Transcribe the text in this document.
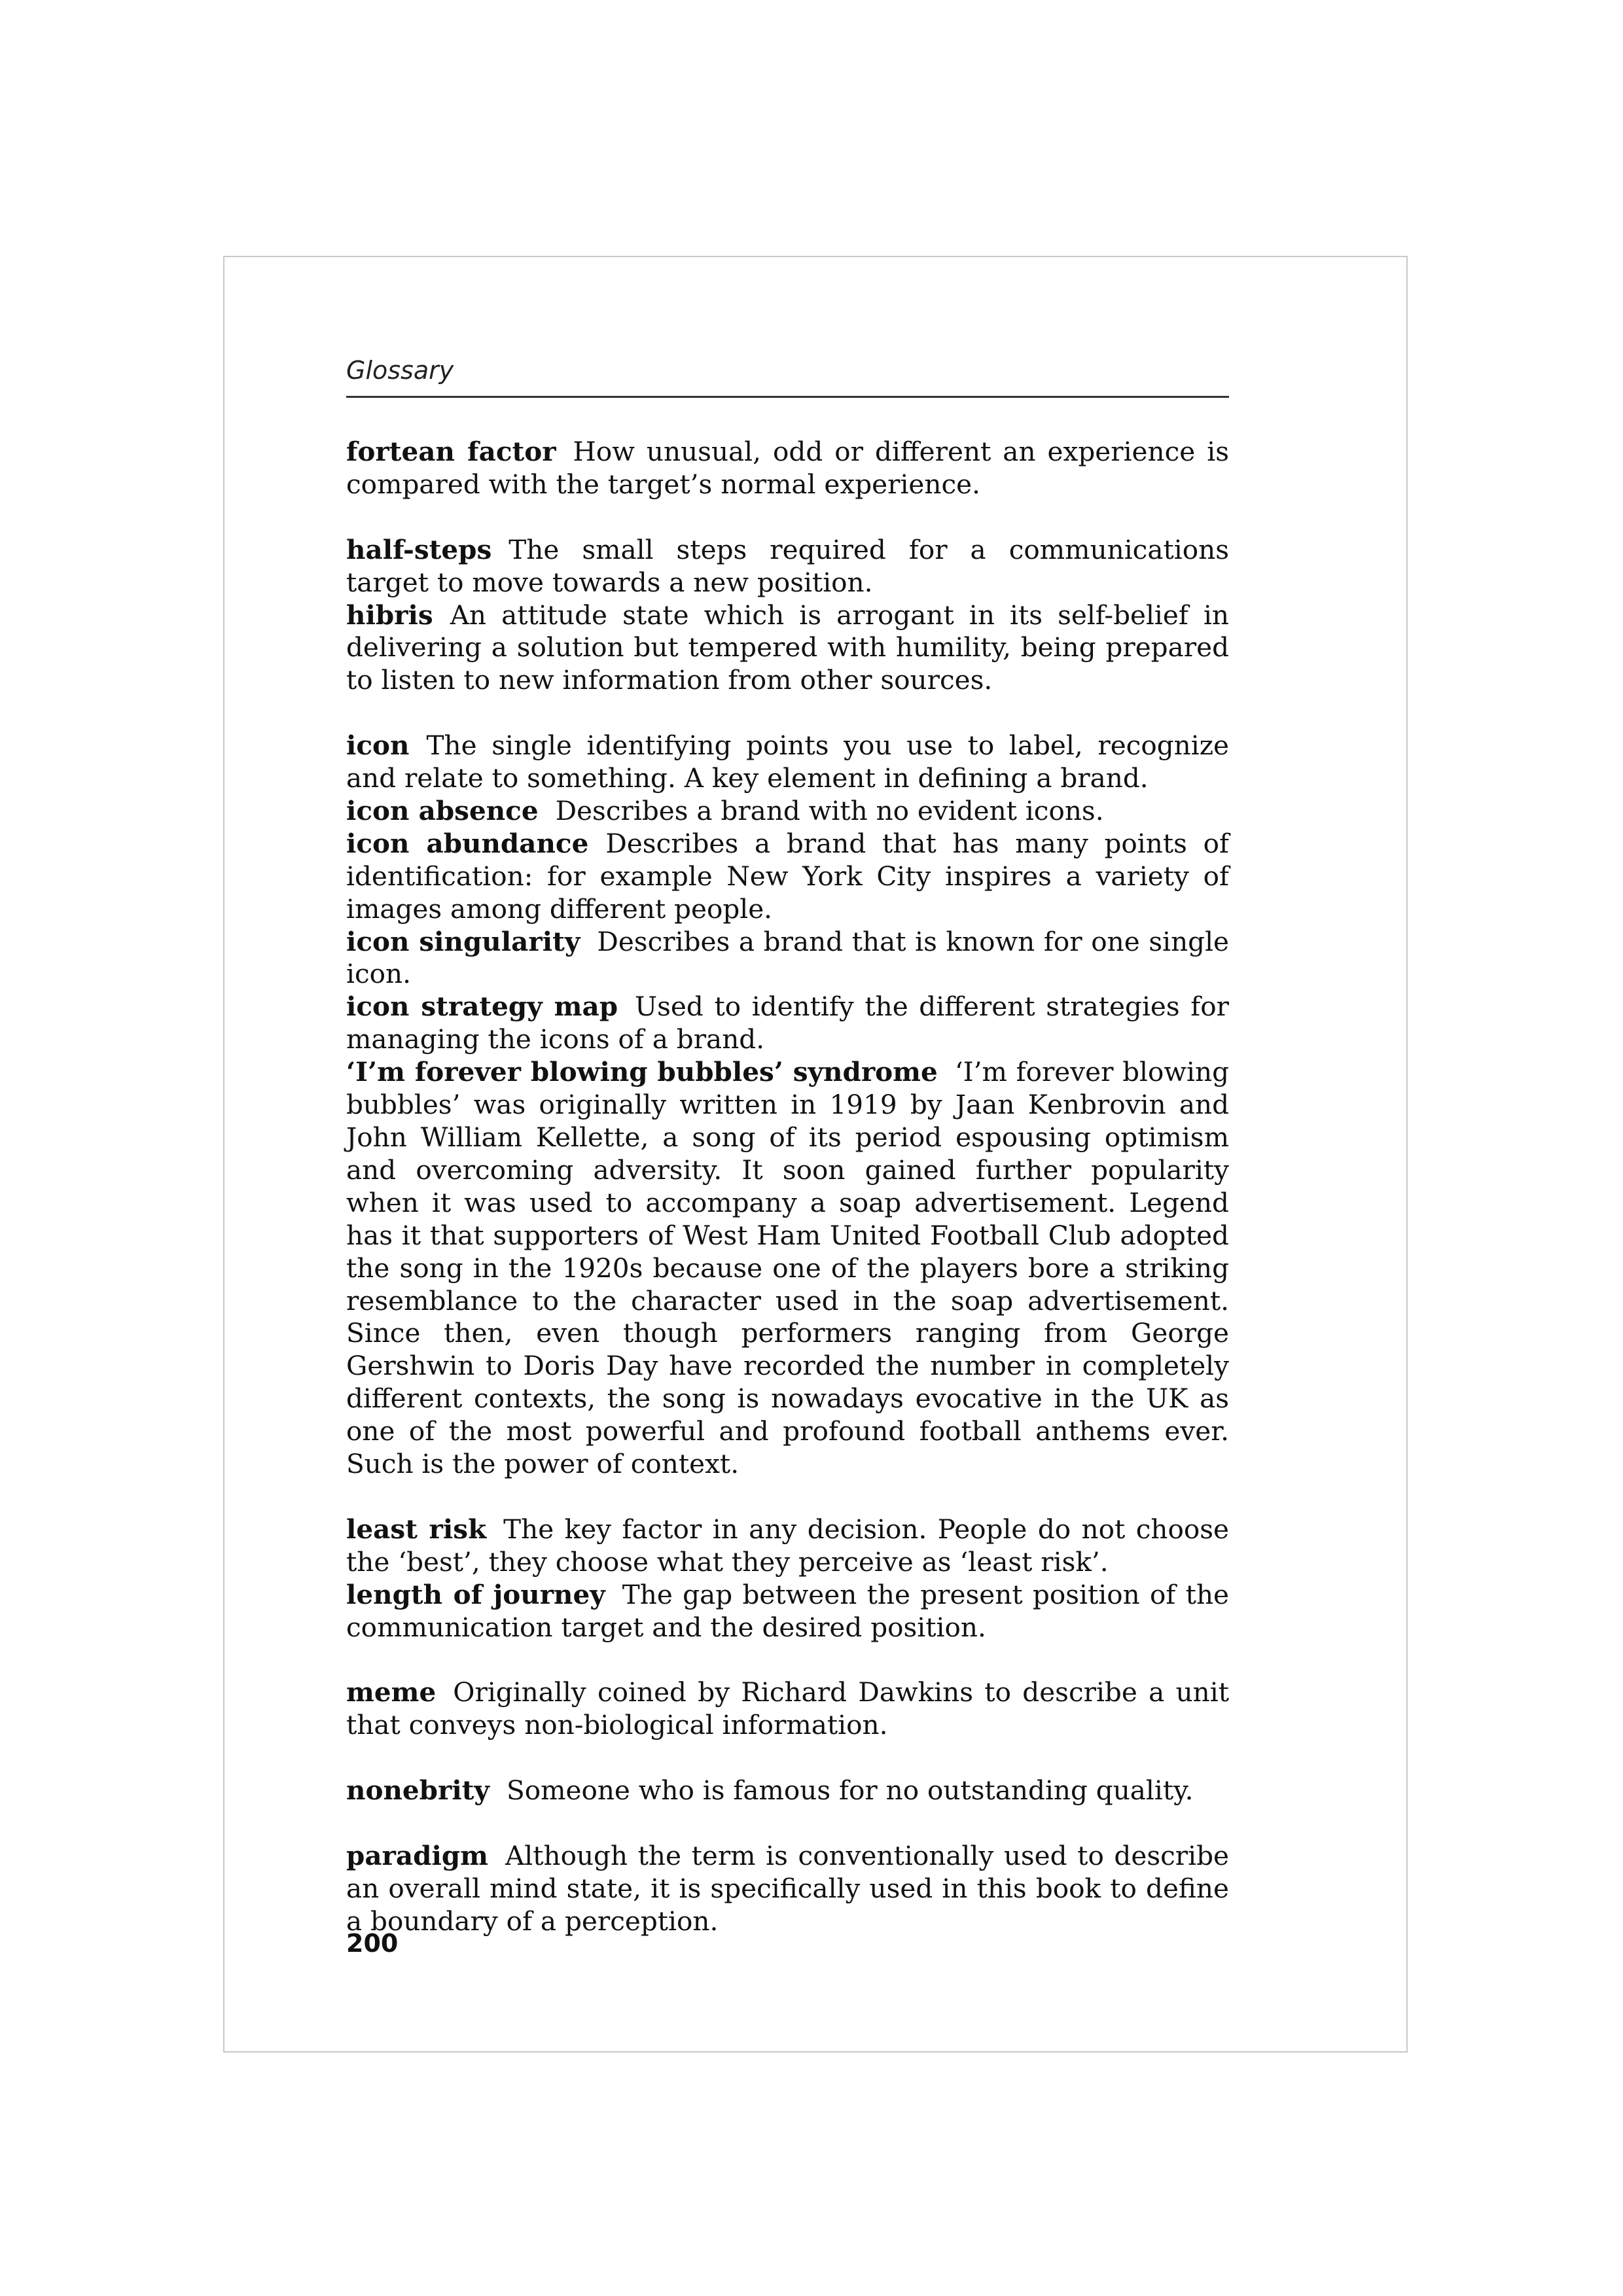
Glossary

fortean factor How unusual, odd or different an experience is compared with the target’s normal experience.

half-steps The small steps required for a communications target to move towards a new position.

hibris An attitude state which is arrogant in its self-belief in delivering a solution but tempered with humility, being prepared to listen to new information from other sources.

icon The single identifying points you use to label, recognize and relate to something. A key element in defining a brand.

icon absence Describes a brand with no evident icons.

icon abundance Describes a brand that has many points of identification: for example New York City inspires a variety of images among different people.

icon singularity Describes a brand that is known for one single icon.

icon strategy map Used to identify the different strategies for managing the icons of a brand.

‘I’m forever blowing bubbles’ syndrome ‘I’m forever blowing bubbles’ was originally written in 1919 by Jaan Kenbrovin and John William Kellette, a song of its period espousing optimism and overcoming adversity. It soon gained further popularity when it was used to accompany a soap advertisement. Legend has it that supporters of West Ham United Football Club adopted the song in the 1920s because one of the players bore a striking resemblance to the character used in the soap advertisement. Since then, even though performers ranging from George Gershwin to Doris Day have recorded the number in completely different contexts, the song is nowadays evocative in the UK as one of the most powerful and profound football anthems ever. Such is the power of context.

least risk The key factor in any decision. People do not choose the ‘best’, they choose what they perceive as ‘least risk’.

length of journey The gap between the present position of the communication target and the desired position.

meme Originally coined by Richard Dawkins to describe a unit that conveys non-biological information.

nonebrity Someone who is famous for no outstanding quality.

paradigm Although the term is conventionally used to describe an overall mind state, it is specifically used in this book to define a boundary of a perception.

200
